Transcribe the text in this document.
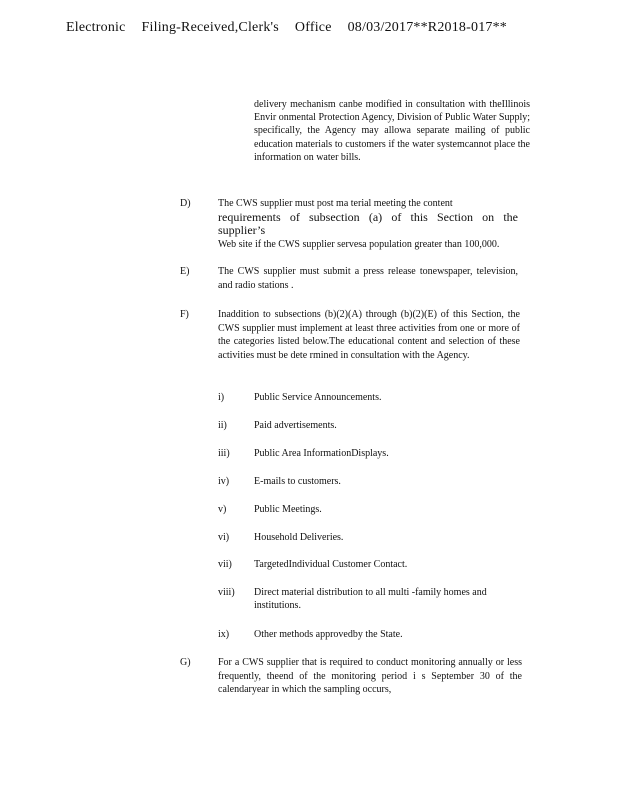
Electronic Filing-Received,Clerk's Office 08/03/2017**R2018-017**
delivery mechanism canbe modified in consultation with theIllinois Envir onmental Protection Agency, Division of Public Water Supply; specifically, the Agency may allowa separate mailing of public education materials to customers if the water systemcannot place the information on water bills.
D)	The CWS supplier must post ma terial meeting the content
requirements of subsection (a) of this Section on the supplier’s
Web site if the CWS supplier servesa population greater than 100,000.
E)	The CWS supplier must submit a press release tonewspaper, television, and radio stations .
F)	Inaddition to subsections (b)(2)(A) through (b)(2)(E) of this Section, the CWS supplier must implement at least three activities from one or more of the categories listed below.The educational content and selection of these activities must be dete rmined in consultation with the Agency.
i)	Public Service Announcements.
ii)	Paid advertisements.
iii) Public Area InformationDisplays.
iv) E-mails to customers.
v)	Public Meetings.
vi) Household Deliveries.
vii) TargetedIndividual Customer Contact.
viii) Direct material distribution to all multi -family homes and institutions.
ix) Other methods approvedby the State.
G)	For a CWS supplier that is required to conduct monitoring annually or less frequently, theend of the monitoring period i s September 30 of the calendaryear in which the sampling occurs,
